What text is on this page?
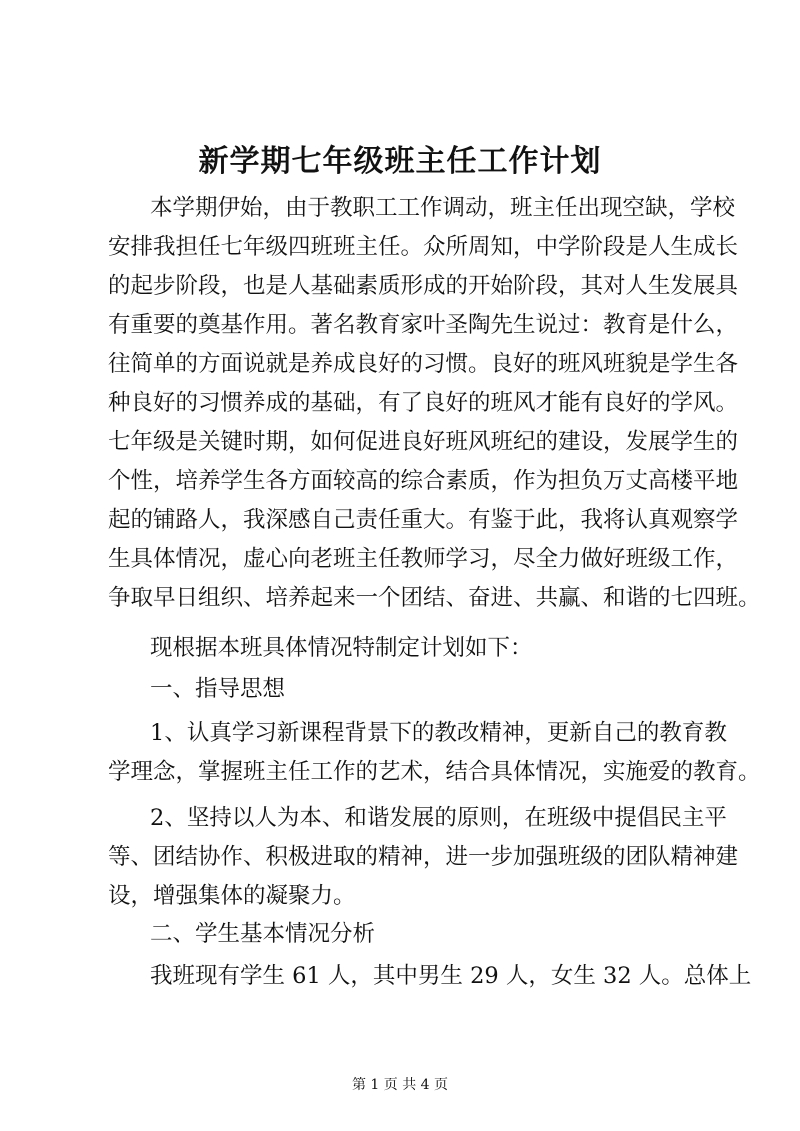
新学期七年级班主任工作计划
本学期伊始，由于教职工工作调动，班主任出现空缺，学校
安排我担任七年级四班班主任。众所周知，中学阶段是人生成长
的起步阶段，也是人基础素质形成的开始阶段，其对人生发展具
有重要的奠基作用。著名教育家叶圣陶先生说过：教育是什么，
往简单的方面说就是养成良好的习惯。良好的班风班貌是学生各
种良好的习惯养成的基础，有了良好的班风才能有良好的学风。
七年级是关键时期，如何促进良好班风班纪的建设，发展学生的
个性，培养学生各方面较高的综合素质，作为担负万丈高楼平地
起的铺路人，我深感自己责任重大。有鉴于此，我将认真观察学
生具体情况，虚心向老班主任教师学习，尽全力做好班级工作，
争取早日组织、培养起来一个团结、奋进、共赢、和谐的七四班。
现根据本班具体情况特制定计划如下：
一、指导思想
1、认真学习新课程背景下的教改精神，更新自己的教育教
学理念，掌握班主任工作的艺术，结合具体情况，实施爱的教育。
2、坚持以人为本、和谐发展的原则，在班级中提倡民主平
等、团结协作、积极进取的精神，进一步加强班级的团队精神建
设，增强集体的凝聚力。
二、学生基本情况分析
我班现有学生 61 人，其中男生 29 人，女生 32 人。总体上
第 1 页 共 4 页
